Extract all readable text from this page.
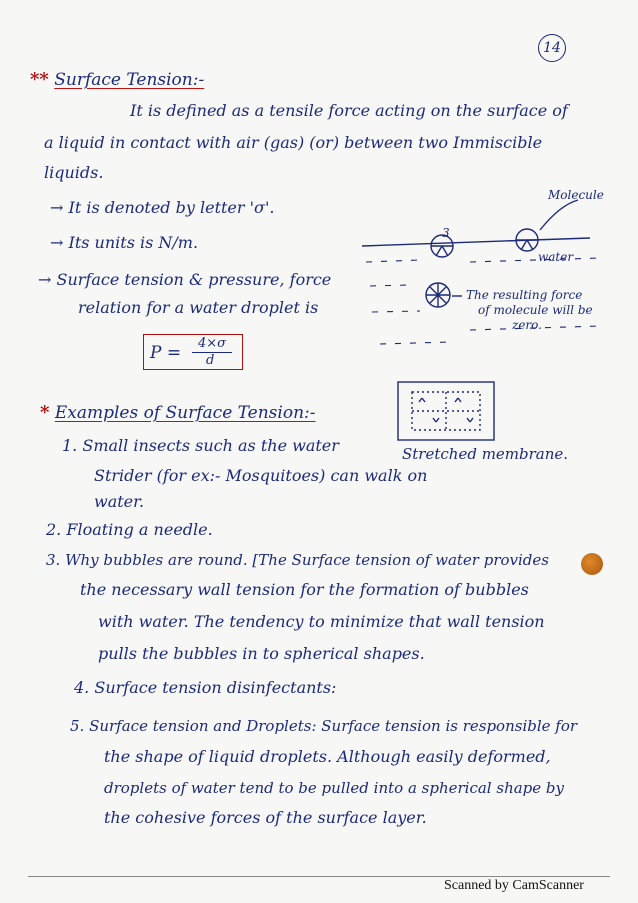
14
** Surface Tension:-
It is defined as a tensile force acting on the surface of
a liquid in contact with air (gas) (or) between two Immiscible
liquids.
→ It is denoted by letter 'σ'.
→ Its units is N/m.
→ Surface tension & pressure, force
relation for a water droplet is
P = 4×σ
d
Molecule
3
water
The resulting force
of molecule will be
zero.
Stretched membrane.
* Examples of Surface Tension:-
1. Small insects such as the water
Strider (for ex:- Mosquitoes) can walk on
water.
2. Floating a needle.
3. Why bubbles are round. [The Surface tension of water provides
the necessary wall tension for the formation of bubbles
with water. The tendency to minimize that wall tension
pulls the bubbles in to spherical shapes.
4. Surface tension disinfectants:
5. Surface tension and Droplets: Surface tension is responsible for
the shape of liquid droplets. Although easily deformed,
droplets of water tend to be pulled into a spherical shape by
the cohesive forces of the surface layer.
Scanned by CamScanner
